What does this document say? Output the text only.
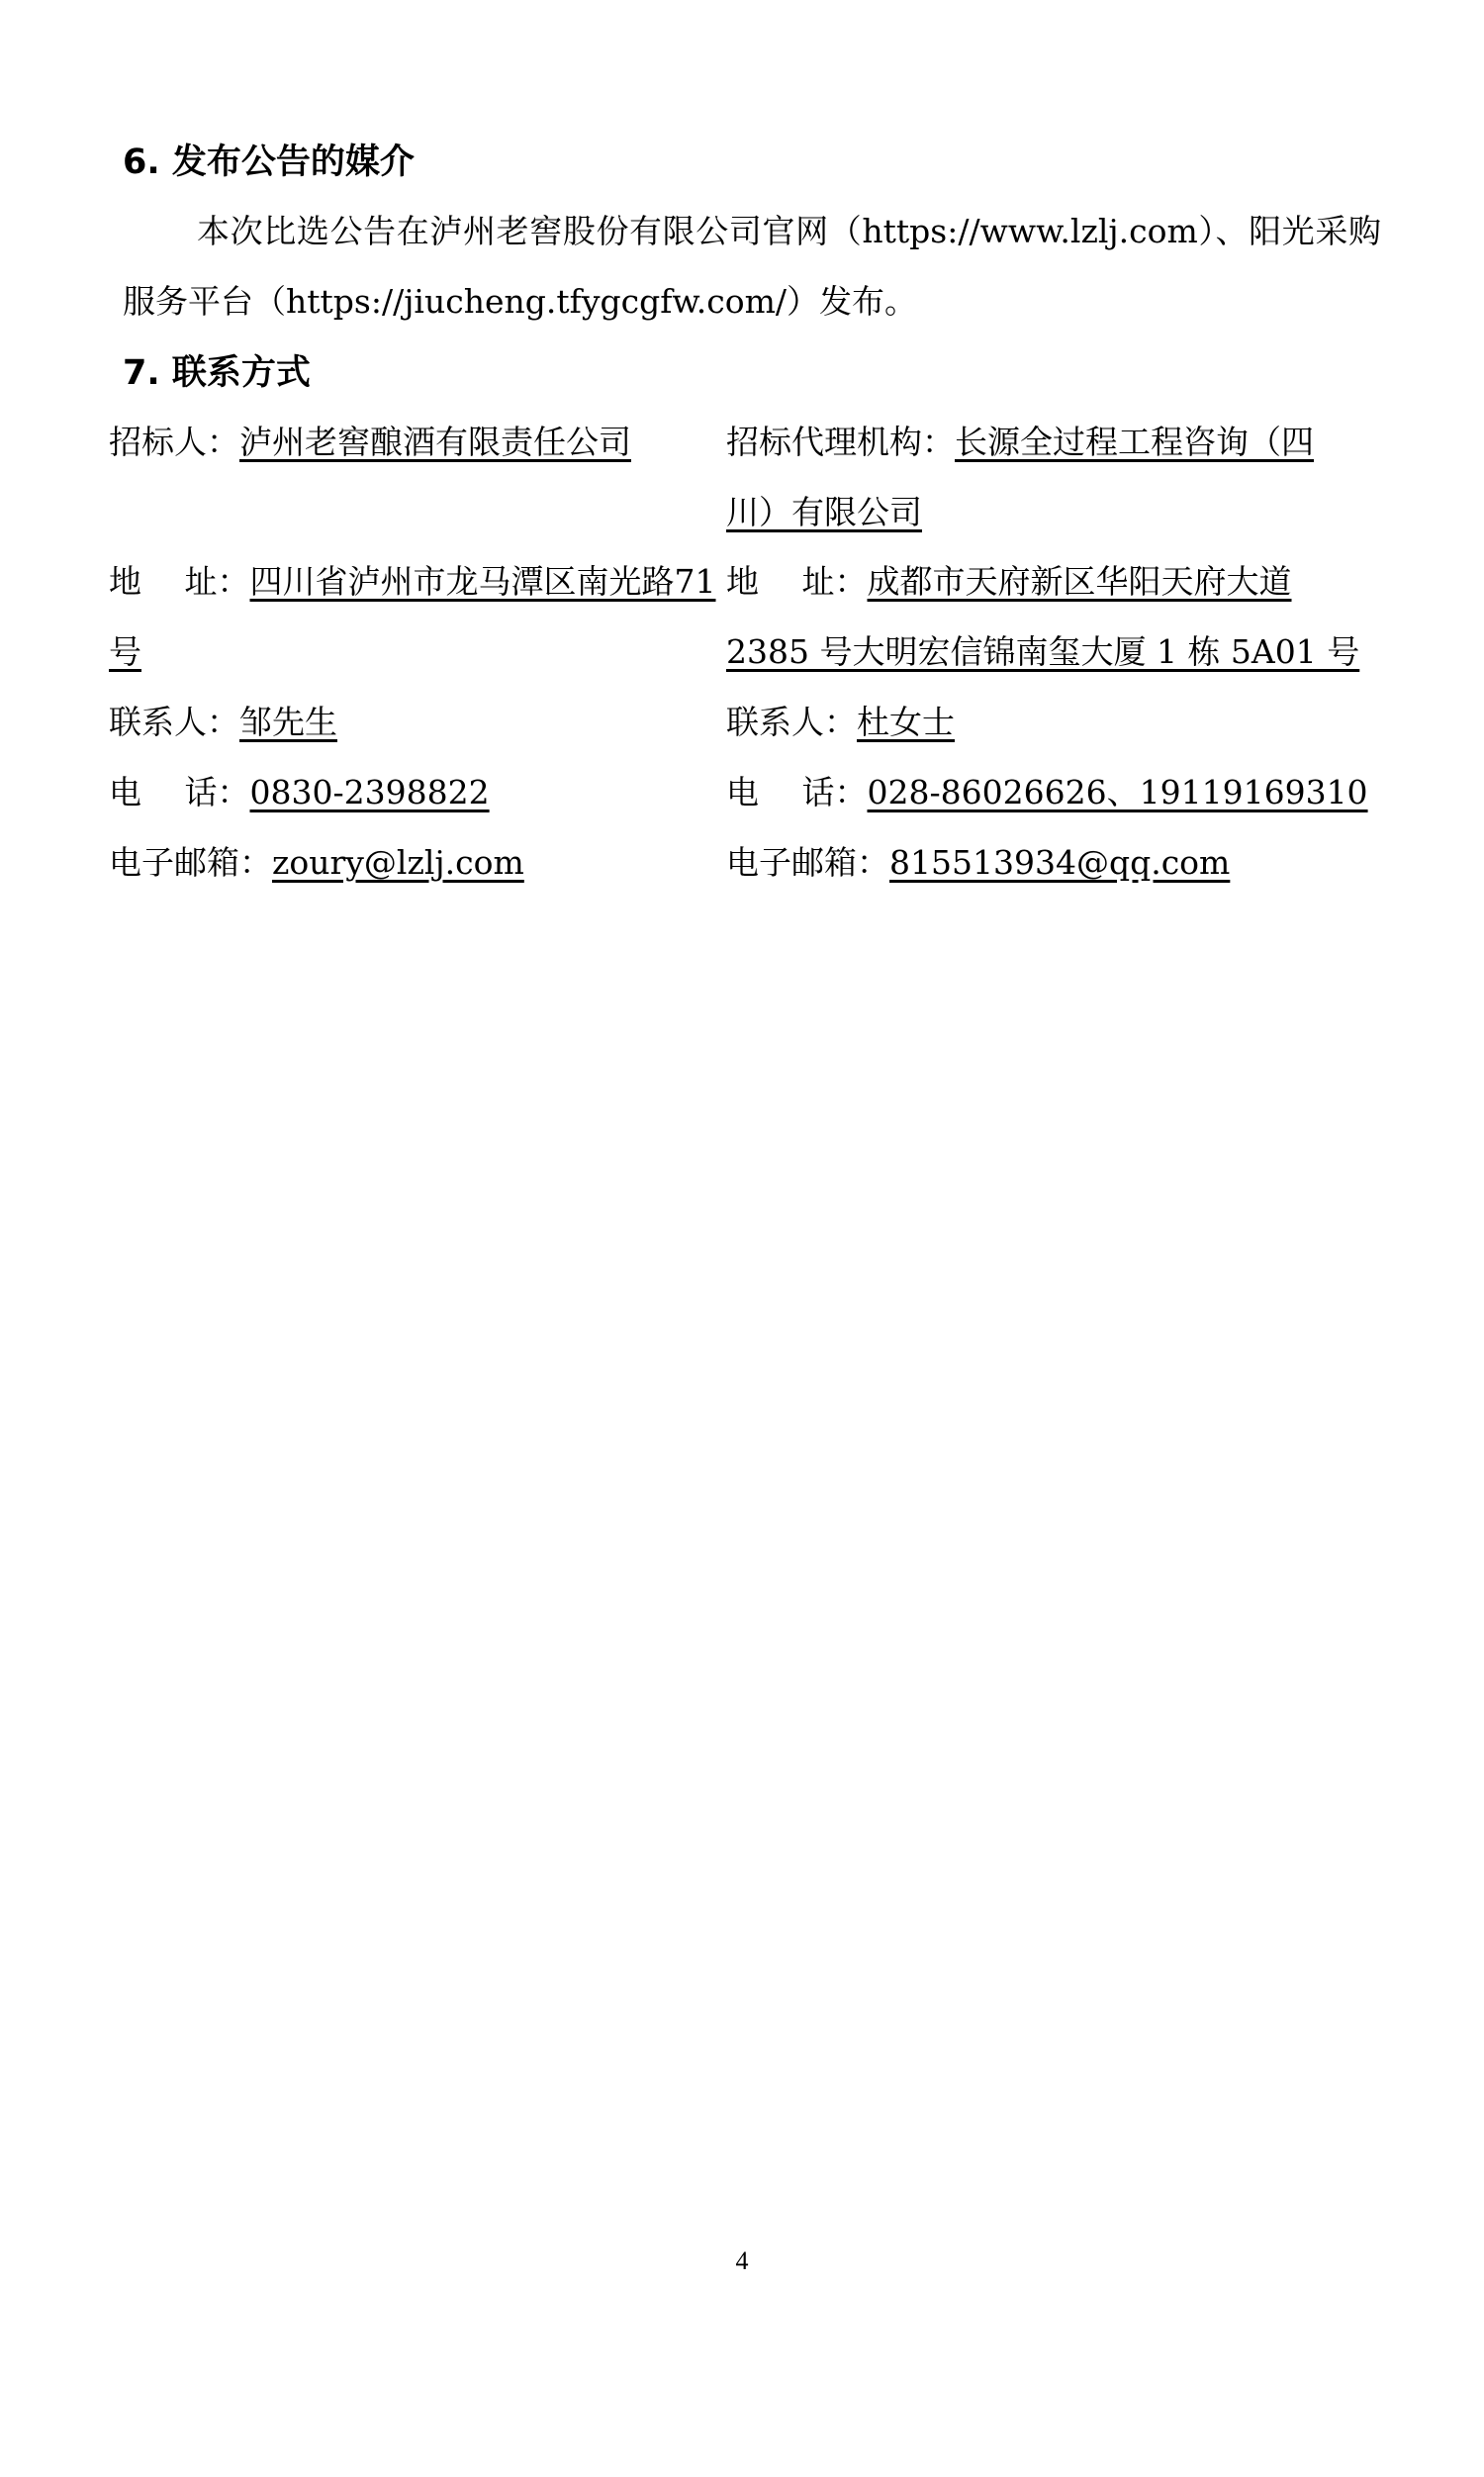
6. 发布公告的媒介

本次比选公告在泸州老窖股份有限公司官网（https://www.lzlj.com）、阳光采购服务平台（https://jiucheng.tfygcgfw.com/）发布。

7. 联系方式
招标人：泸州老窖酿酒有限责任公司
地　 址：四川省泸州市龙马潭区南光路71
号
联系人：邹先生
电　 话：0830-2398822
电子邮箱：zoury@lzlj.com
招标代理机构：长源全过程工程咨询（四
川）有限公司
地　 址：成都市天府新区华阳天府大道
2385 号大明宏信锦南玺大厦 1 栋 5A01 号
联系人：杜女士
电　 话：028-86026626、19119169310
电子邮箱：815513934@qq.com
4
